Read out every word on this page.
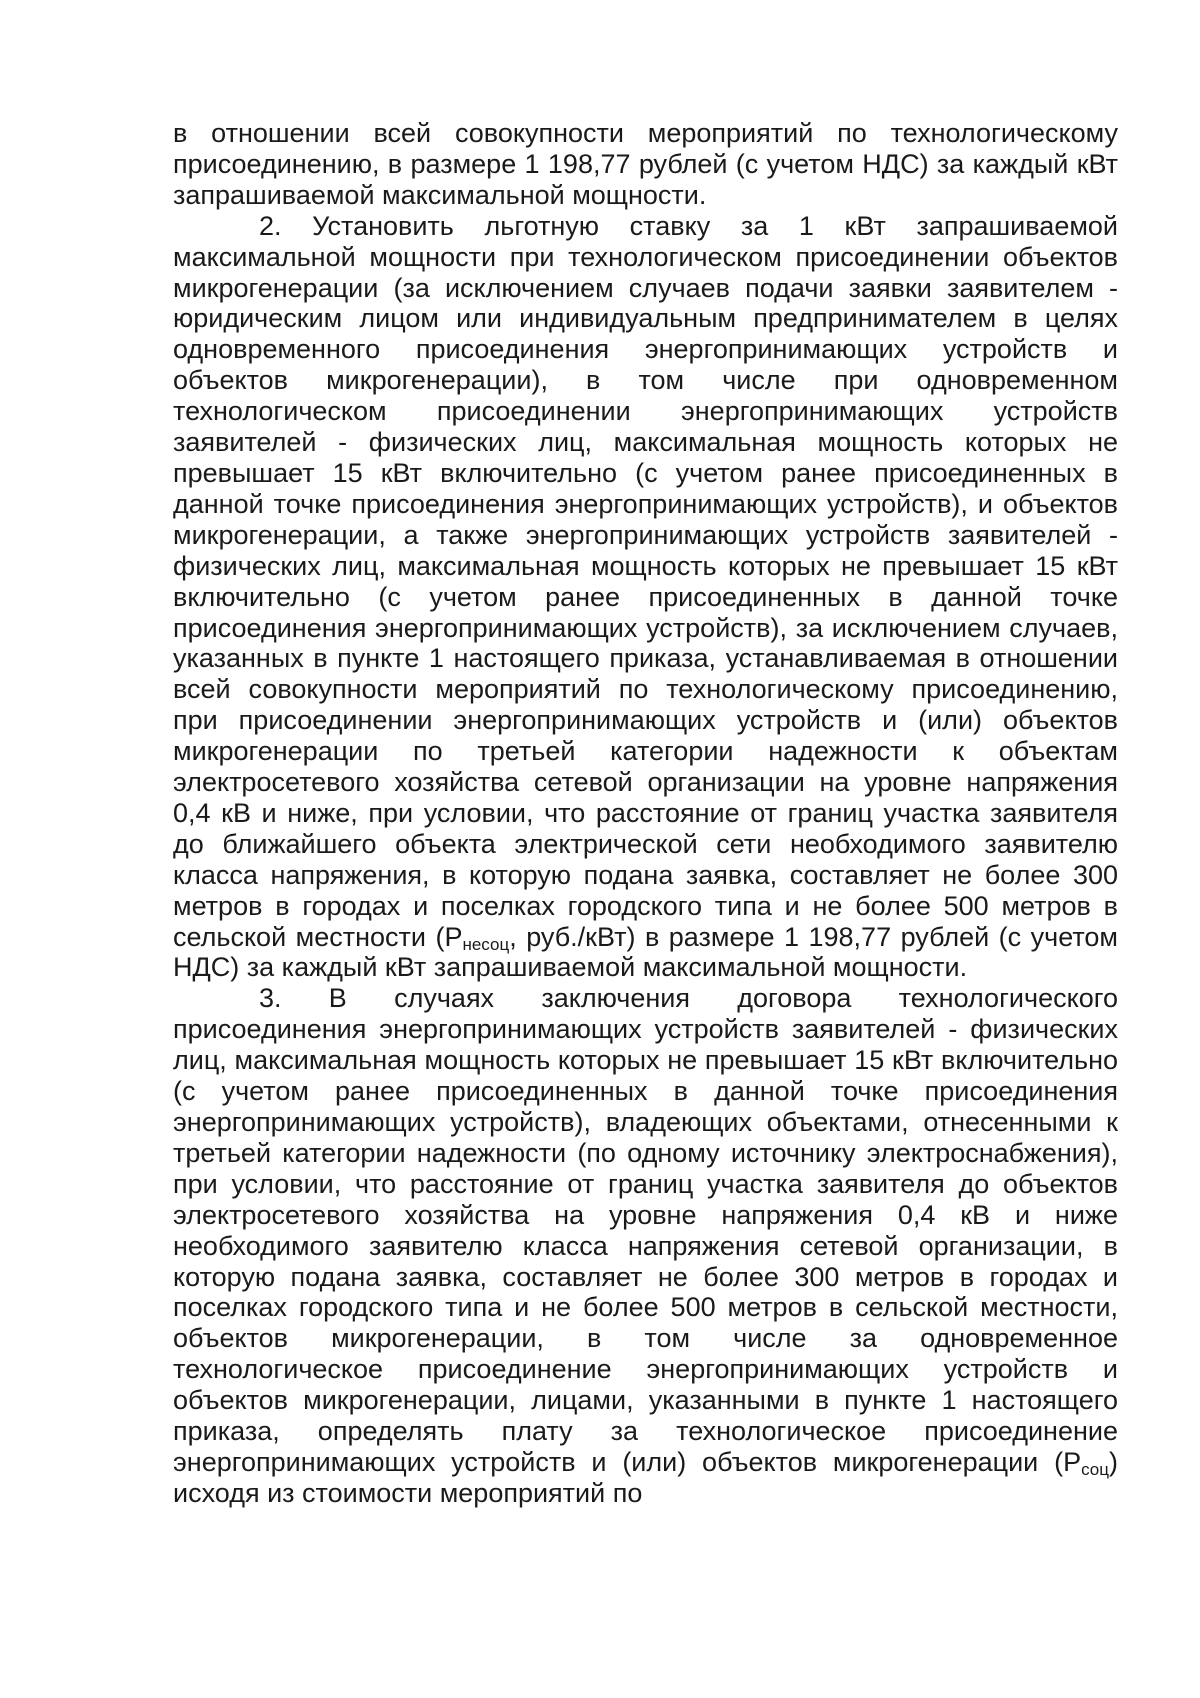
в отношении всей совокупности мероприятий по технологическому присоединению, в размере 1 198,77 рублей (с учетом НДС) за каждый кВт запрашиваемой максимальной мощности.

2. Установить льготную ставку за 1 кВт запрашиваемой максимальной мощности при технологическом присоединении объектов микрогенерации (за исключением случаев подачи заявки заявителем - юридическим лицом или индивидуальным предпринимателем в целях одновременного присоединения энергопринимающих устройств и объектов микрогенерации), в том числе при одновременном технологическом присоединении энергопринимающих устройств заявителей - физических лиц, максимальная мощность которых не превышает 15 кВт включительно (с учетом ранее присоединенных в данной точке присоединения энергопринимающих устройств), и объектов микрогенерации, а также энергопринимающих устройств заявителей - физических лиц, максимальная мощность которых не превышает 15 кВт включительно (с учетом ранее присоединенных в данной точке присоединения энергопринимающих устройств), за исключением случаев, указанных в пункте 1 настоящего приказа, устанавливаемая в отношении всей совокупности мероприятий по технологическому присоединению, при присоединении энергопринимающих устройств и (или) объектов микрогенерации по третьей категории надежности к объектам электросетевого хозяйства сетевой организации на уровне напряжения 0,4 кВ и ниже, при условии, что расстояние от границ участка заявителя до ближайшего объекта электрической сети необходимого заявителю класса напряжения, в которую подана заявка, составляет не более 300 метров в городах и поселках городского типа и не более 500 метров в сельской местности ($P_{несоц}$, руб./кВт) в размере 1 198,77 рублей (с учетом НДС) за каждый кВт запрашиваемой максимальной мощности.

3. В случаях заключения договора технологического присоединения энергопринимающих устройств заявителей - физических лиц, максимальная мощность которых не превышает 15 кВт включительно (с учетом ранее присоединенных в данной точке присоединения энергопринимающих устройств), владеющих объектами, отнесенными к третьей категории надежности (по одному источнику электроснабжения), при условии, что расстояние от границ участка заявителя до объектов электросетевого хозяйства на уровне напряжения 0,4 кВ и ниже необходимого заявителю класса напряжения сетевой организации, в которую подана заявка, составляет не более 300 метров в городах и поселках городского типа и не более 500 метров в сельской местности, объектов микрогенерации, в том числе за одновременное технологическое присоединение энергопринимающих устройств и объектов микрогенерации, лицами, указанными в пункте 1 настоящего приказа, определять плату за технологическое присоединение энергопринимающих устройств и (или) объектов микрогенерации $(P_{соц})$ исходя из стоимости мероприятий по
